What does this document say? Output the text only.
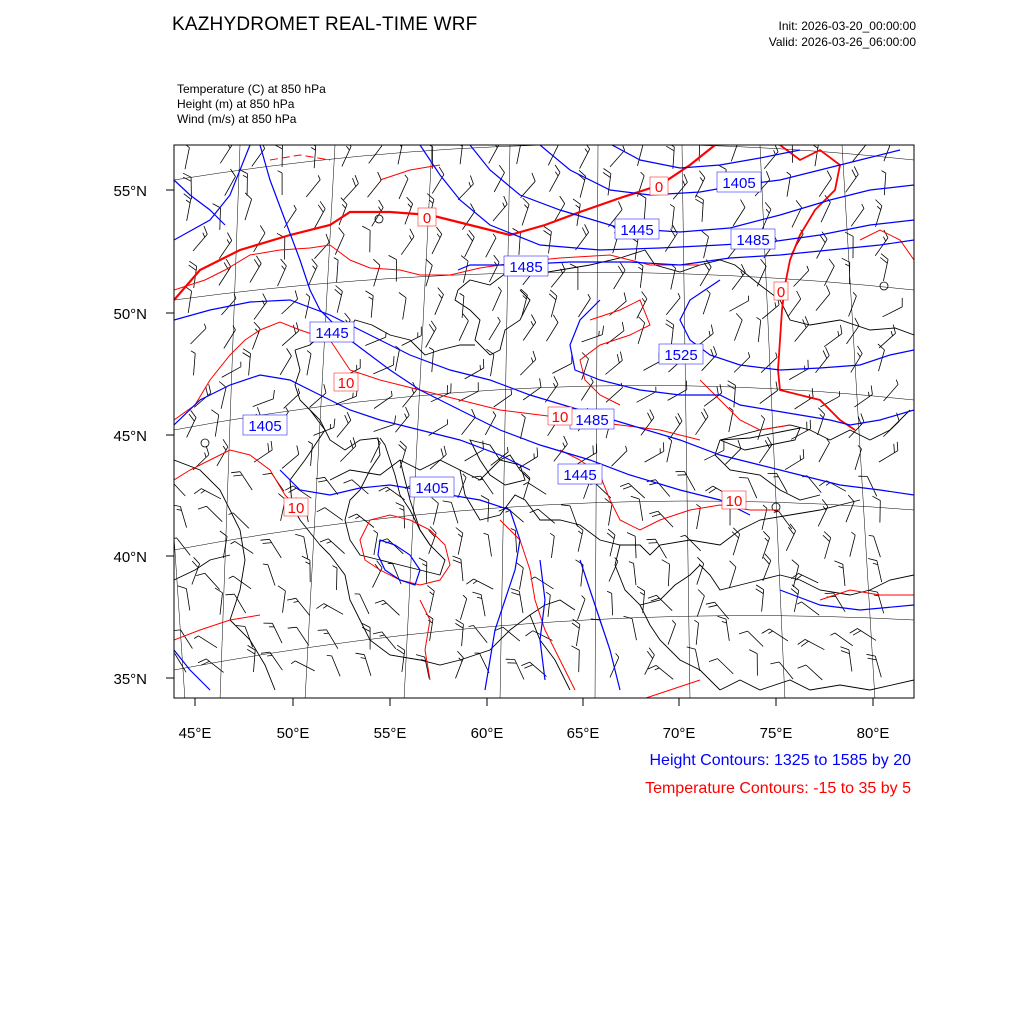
KAZHYDROMET REAL-TIME WRF	Init: 2026-03-20_00:00:00
Valid: 2026-03-26_06:00:00
Temperature (C) at 850 hPa
Height (m) at 850 hPa
Wind (m/s) at 850 hPa
1405
1445
1485
1445
1485
1445
1525
1405	1485
1405
0
0
0
10
10
10	10
55°N
50°N
45°N
40°N
35°N
45°E	50°E	55°E	60°E	65°E	70°E	75°E	80°E
Height Contours: 1325 to 1585 by 20
Temperature Contours: -15 to 35 by 5
